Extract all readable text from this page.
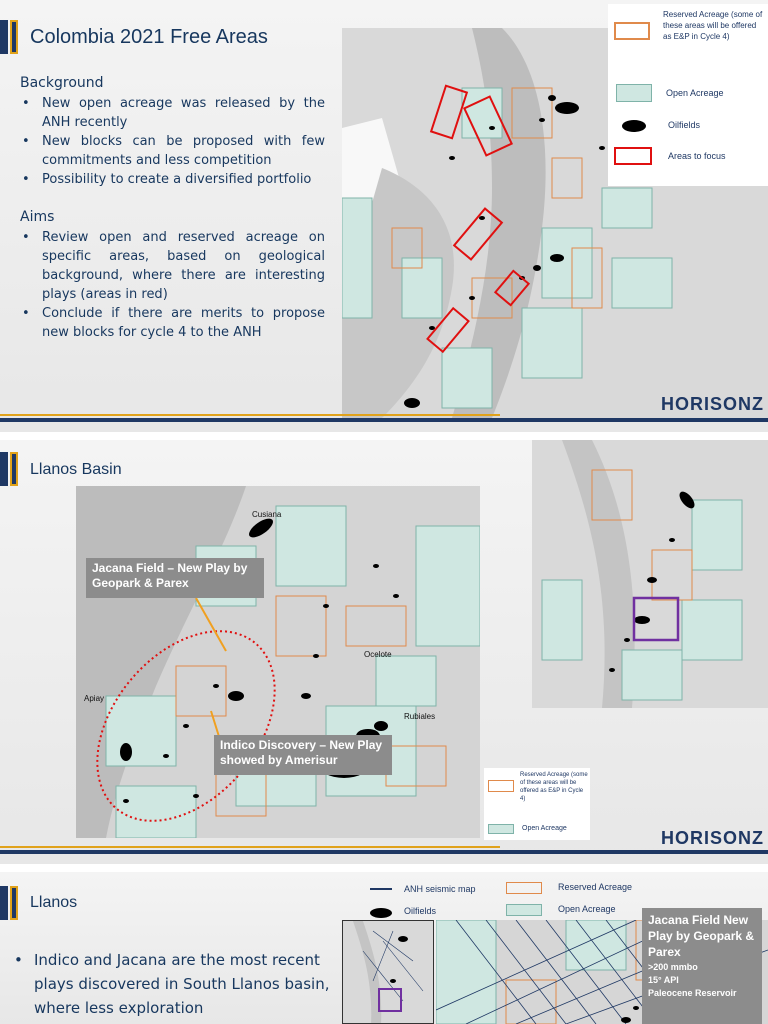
Colombia 2021 Free Areas
Background
• New open acreage was released by the ANH recently
• New blocks can be proposed with few commitments and less competition
• Possibility to create a diversified portfolio
Aims
• Review open and reserved acreage on specific areas, based on geological background, where there are interesting plays (areas in red)
• Conclude if there are merits to propose new blocks for cycle 4 to the ANH
Reserved Acreage (some of these areas will be offered as E&P in Cycle 4)
Open Acreage
Oilfields
Areas to focus
HORISONZ
Llanos Basin
Cusiana
Ocelote
Apiay
Rubiales
Jacana Field – New Play by Geopark & Parex
Indico Discovery – New Play showed by Amerisur
Reserved Acreage (some of these areas will be offered as E&P in Cycle 4)
Open Acreage	HORISONZ
Llanos
• Indico and Jacana are the most recent plays discovered in South Llanos basin, where less exploration
ANH seismic map
Oilfields
Reserved Acreage
Open Acreage
Jacana Field New Play by Geopark & Parex
>200 mmbo
15° API
Paleocene Reservoir
